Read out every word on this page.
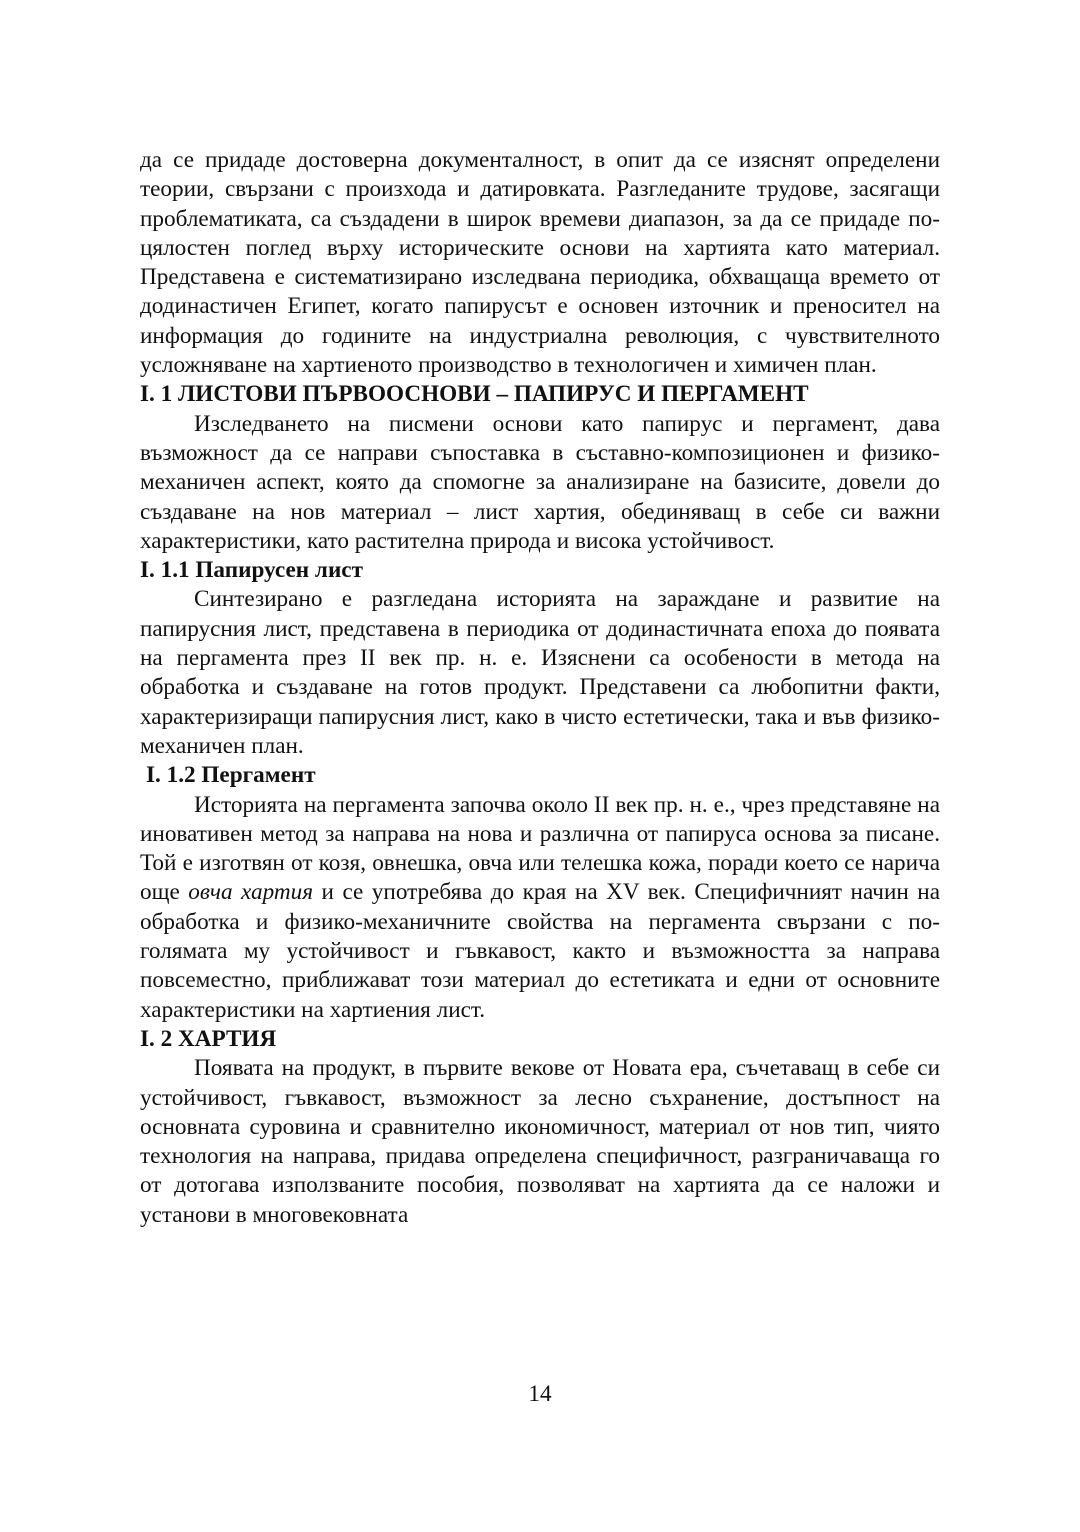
да се придаде достоверна документалност, в опит да се изяснят определени теории, свързани с произхода и датировката. Разгледаните трудове, засягащи проблематиката, са създадени в широк времеви диапазон, за да се придаде по-цялостен поглед върху историческите основи на хартията като материал. Представена е систематизирано изследвана периодика, обхващаща времето от додинастичен Египет, когато папирусът е основен източник и преносител на информация до годините на индустриална революция, с чувствителното усложняване на хартиеното производство в технологичен и химичен план.

I. 1 ЛИСТОВИ ПЪРВООСНОВИ – ПАПИРУС И ПЕРГАМЕНТ

Изследването на писмени основи като папирус и пергамент, дава възможност да се направи съпоставка в съставно-композиционен и физико-механичен аспект, която да спомогне за анализиране на базисите, довели до създаване на нов материал – лист хартия, обединяващ в себе си важни характеристики, като растителна природа и висока устойчивост.

I. 1.1 Папирусен лист

Синтезирано е разгледана историята на зараждане и развитие на папирусния лист, представена в периодика от додинастичната епоха до появата на пергамента през II век пр. н. е. Изяснени са особености в метода на обработка и създаване на готов продукт. Представени са любопитни факти, характеризиращи папирусния лист, како в чисто естетически, така и във физико-механичен план.

I. 1.2 Пергамент

Историята на пергамента започва около II век пр. н. е., чрез представяне на иновативен метод за направа на нова и различна от папируса основа за писане. Той е изготвян от козя, овнешка, овча или телешка кожа, поради което се нарича още овча хартия и се употребява до края на XV век. Специфичният начин на обработка и физико-механичните свойства на пергамента свързани с по-голямата му устойчивост и гъвкавост, както и възможността за направа повсеместно, приближават този материал до естетиката и едни от основните характеристики на хартиения лист.

I. 2 ХАРТИЯ

Появата на продукт, в първите векове от Новата ера, съчетаващ в себе си устойчивост, гъвкавост, възможност за лесно съхранение, достъпност на основната суровина и сравнително икономичност, материал от нов тип, чиято технология на направа, придава определена специфичност, разграничаваща го от дотогава използваните пособия, позволяват на хартията да се наложи и установи в многовековната

14
